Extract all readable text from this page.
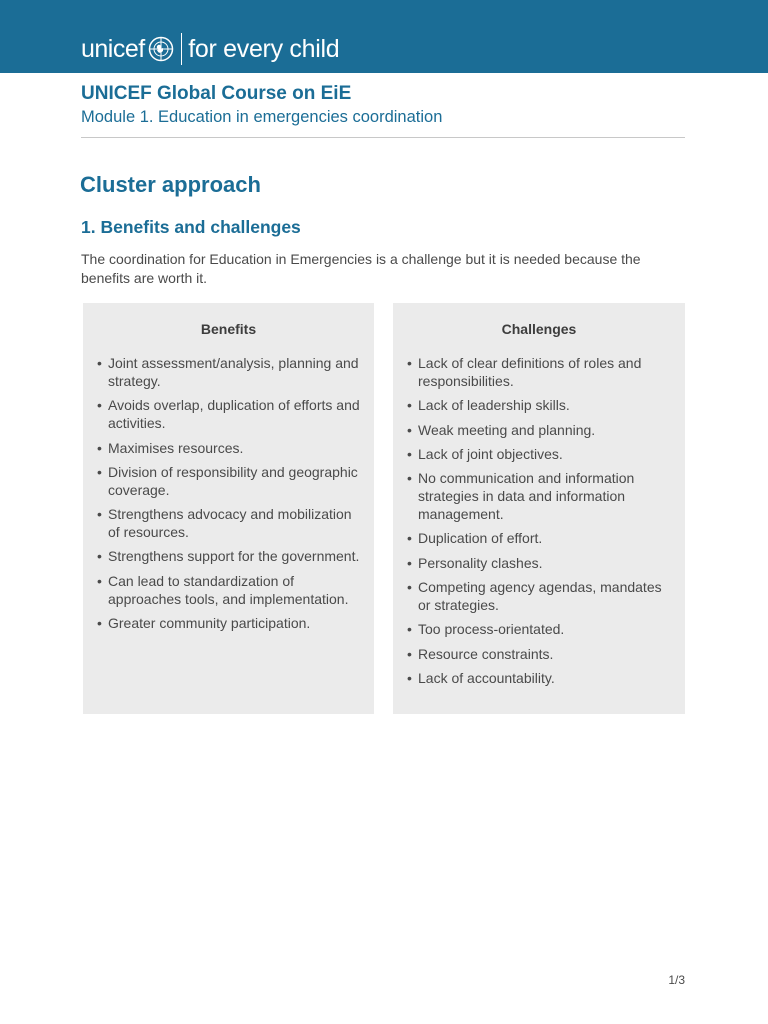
unicef for every child
UNICEF Global Course on EiE
Module 1. Education in emergencies coordination
Cluster approach
1. Benefits and challenges

The coordination for Education in Emergencies is a challenge but it is needed because the benefits are worth it.

Benefits
• Joint assessment/analysis, planning and strategy.
• Avoids overlap, duplication of efforts and activities.
• Maximises resources.
• Division of responsibility and geographic coverage.
• Strengthens advocacy and mobilization of resources.
• Strengthens support for the government.
• Can lead to standardization of approaches tools, and implementation.
• Greater community participation.
Challenges
• Lack of clear definitions of roles and responsibilities.
• Lack of leadership skills.
• Weak meeting and planning.
• Lack of joint objectives.
• No communication and information strategies in data and information management.
• Duplication of effort.
• Personality clashes.
• Competing agency agendas, mandates or strategies.
• Too process-orientated.
• Resource constraints.
• Lack of accountability.
1/3
